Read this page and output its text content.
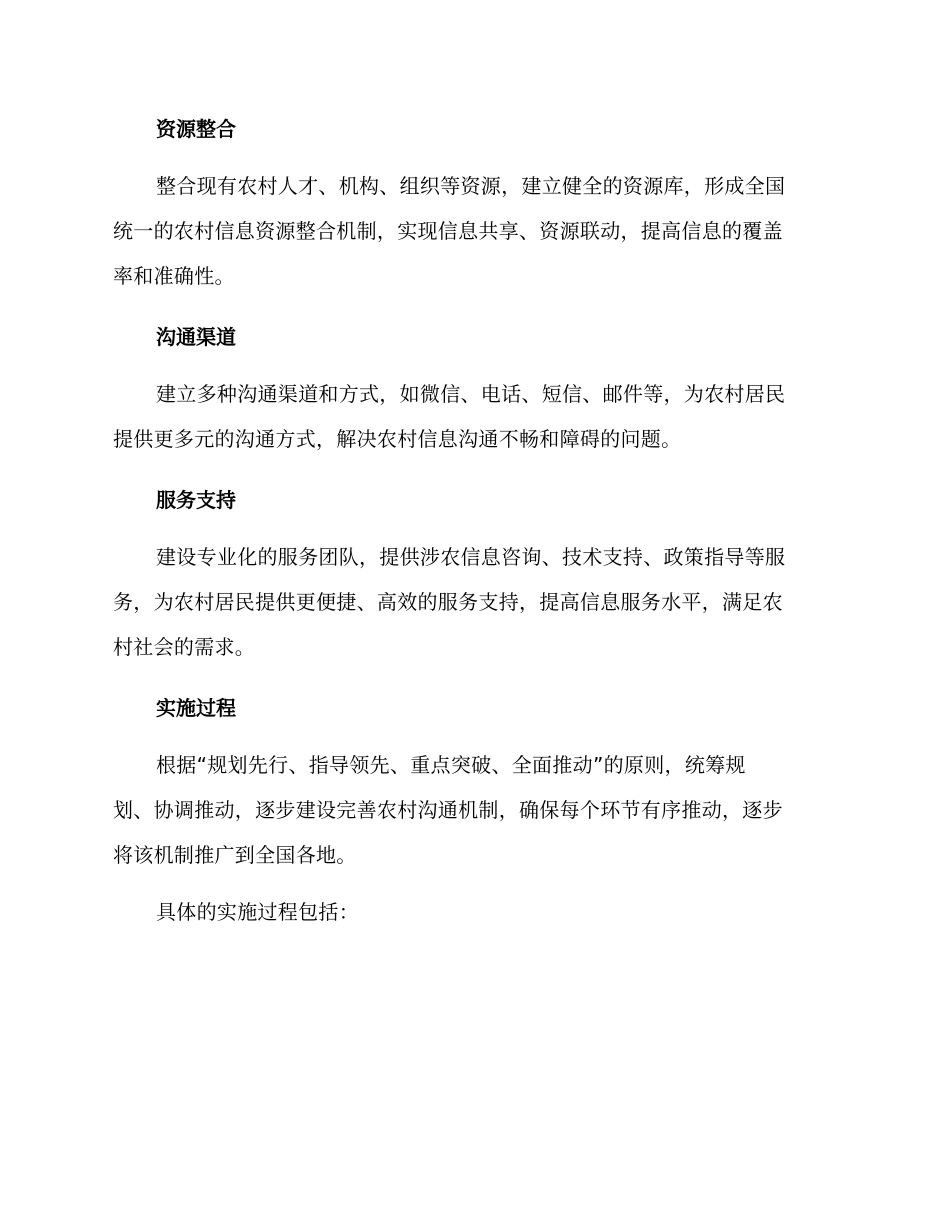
资源整合

整合现有农村人才、机构、组织等资源，建立健全的资源库，形成全国
统一的农村信息资源整合机制，实现信息共享、资源联动，提高信息的覆盖
率和准确性。

沟通渠道

建立多种沟通渠道和方式，如微信、电话、短信、邮件等，为农村居民
提供更多元的沟通方式，解决农村信息沟通不畅和障碍的问题。

服务支持

建设专业化的服务团队，提供涉农信息咨询、技术支持、政策指导等服
务，为农村居民提供更便捷、高效的服务支持，提高信息服务水平，满足农
村社会的需求。

实施过程

根据“规划先行、指导领先、重点突破、全面推动”的原则，统筹规
划、协调推动，逐步建设完善农村沟通机制，确保每个环节有序推动，逐步
将该机制推广到全国各地。

具体的实施过程包括：
